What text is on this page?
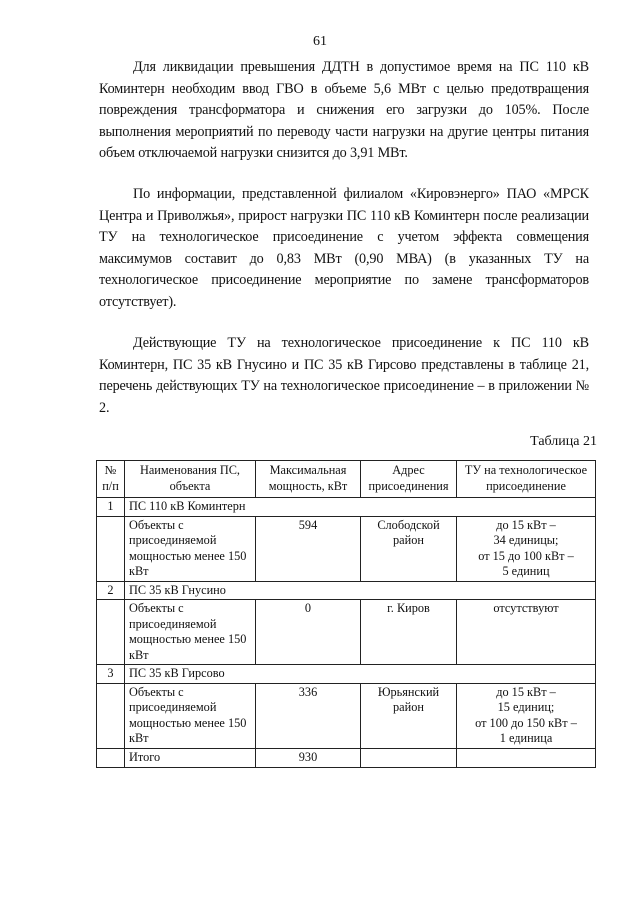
61

Для ликвидации превышения ДДТН в допустимое время на ПС 110 кВ Коминтерн необходим ввод ГВО в объеме 5,6 МВт с целью предотвращения повреждения трансформатора и снижения его загрузки до 105%. После выполнения мероприятий по переводу части нагрузки на другие центры питания объем отключаемой нагрузки снизится до 3,91 МВт.

По информации, представленной филиалом «Кировэнерго» ПАО «МРСК Центра и Приволжья», прирост нагрузки ПС 110 кВ Коминтерн после реализации ТУ на технологическое присоединение с учетом эффекта совмещения максимумов составит до 0,83 МВт (0,90 МВА) (в указанных ТУ на технологическое присоединение мероприятие по замене трансформаторов отсутствует).

Действующие ТУ на технологическое присоединение к ПС 110 кВ Коминтерн, ПС 35 кВ Гнусино и ПС 35 кВ Гирсово представлены в таблице 21, перечень действующих ТУ на технологическое присоединение – в приложении № 2.

Таблица 21
№ п/п	Наименования ПС, объекта	Максимальная мощность, кВт	Адрес присоединения	ТУ на технологическое присоединение
1	ПС 110 кВ Коминтерн			
	Объекты с присоединяемой мощностью менее 150 кВт	594	Слободской район	до 15 кВт –
34 единицы;
от 15 до 100 кВт –
5 единиц

2	ПС 35 кВ Гнусино			
	Объекты с присоединяемой мощностью менее 150 кВт	0	г. Киров	отсутствуют

3	ПС 35 кВ Гирсово			
	Объекты с присоединяемой мощностью менее 150 кВт	336	Юрьянский район	до 15 кВт –
15 единиц;
от 100 до 150 кВт –
1 единица

	Итого	930		
